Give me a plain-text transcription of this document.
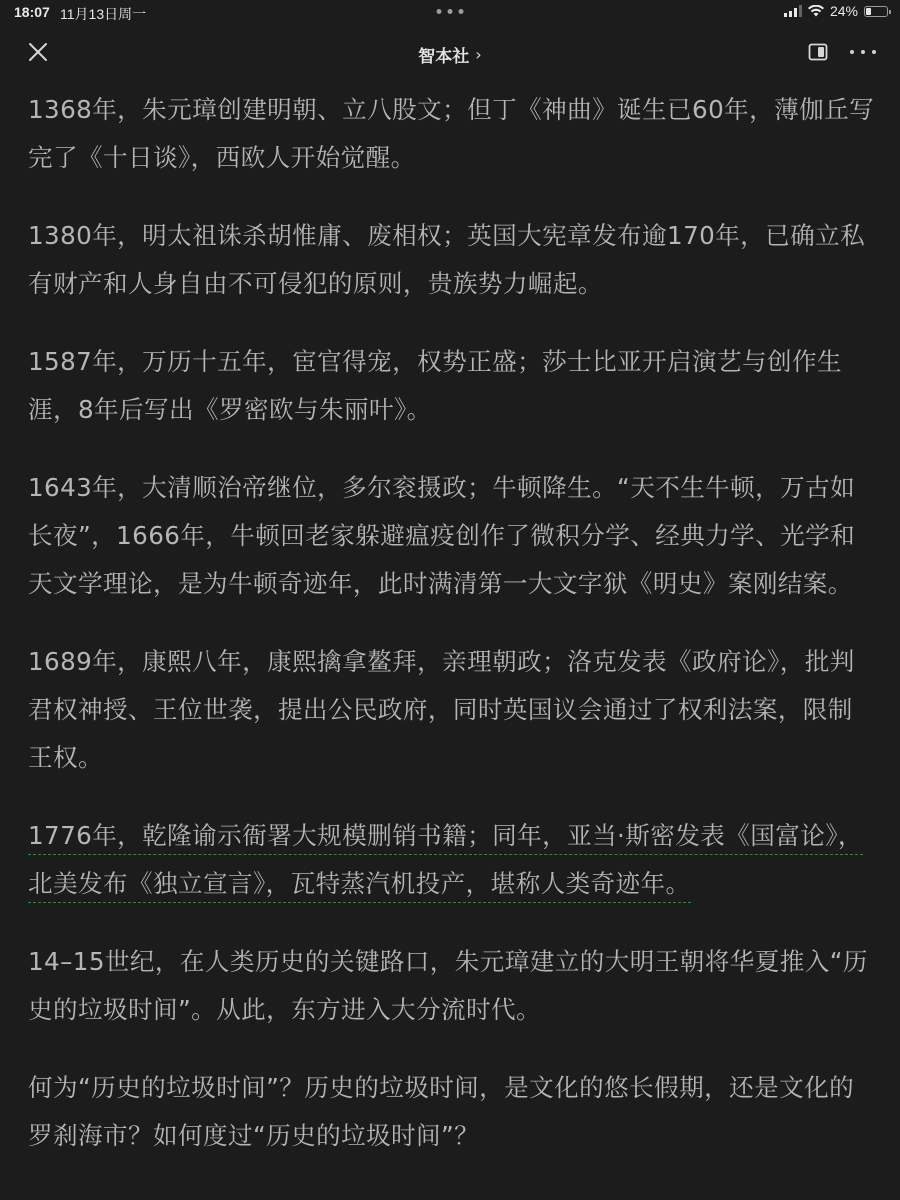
18:07 11月13日周一	24%
智本社 ›

1368年，朱元璋创建明朝、立八股文；但丁《神曲》诞生已60年，薄伽丘写完了《十日谈》，西欧人开始觉醒。

1380年，明太祖诛杀胡惟庸、废相权；英国大宪章发布逾170年，已确立私有财产和人身自由不可侵犯的原则，贵族势力崛起。

1587年，万历十五年，宦官得宠，权势正盛；莎士比亚开启演艺与创作生涯，8年后写出《罗密欧与朱丽叶》。

1643年，大清顺治帝继位，多尔衮摄政；牛顿降生。“天不生牛顿，万古如长夜”，1666年，牛顿回老家躲避瘟疫创作了微积分学、经典力学、光学和天文学理论，是为牛顿奇迹年，此时满清第一大文字狱《明史》案刚结案。

1689年，康熙八年，康熙擒拿鳌拜，亲理朝政；洛克发表《政府论》，批判君权神授、王位世袭，提出公民政府，同时英国议会通过了权利法案，限制王权。

1776年，乾隆谕示衙署大规模删销书籍；同年，亚当·斯密发表《国富论》，北美发布《独立宣言》，瓦特蒸汽机投产，堪称人类奇迹年。

14–15世纪，在人类历史的关键路口，朱元璋建立的大明王朝将华夏推入“历史的垃圾时间”。从此，东方进入大分流时代。

何为“历史的垃圾时间”？历史的垃圾时间，是文化的悠长假期，还是文化的罗刹海市？如何度过“历史的垃圾时间”？
